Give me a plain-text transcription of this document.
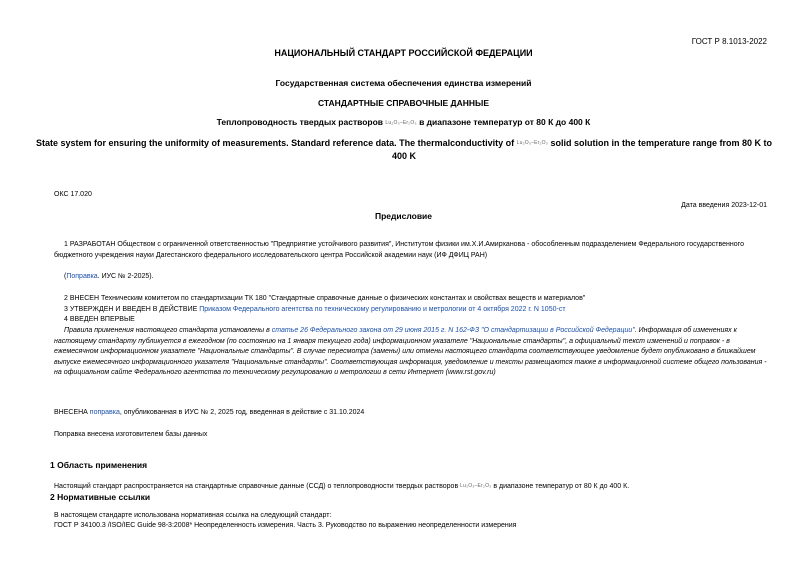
ГОСТ Р 8.1013-2022
НАЦИОНАЛЬНЫЙ СТАНДАРТ РОССИЙСКОЙ ФЕДЕРАЦИИ
Государственная система обеспечения единства измерений
СТАНДАРТНЫЕ СПРАВОЧНЫЕ ДАННЫЕ
Теплопроводность твердых растворов Lu₂O₃–Er₂O₃ в диапазоне температур от 80 К до 400 К
State system for ensuring the uniformity of measurements. Standard reference data. The thermalconductivity of Lu₂O₃–Er₂O₃ solid solution in the temperature range from 80 K to 400 K
ОКС 17.020
Дата введения 2023-12-01
Предисловие
1 РАЗРАБОТАН Обществом с ограниченной ответственностью "Предприятие устойчивого развития", Институтом физики им.Х.И.Амирханова - обособленным подразделением Федерального государственного бюджетного учреждения науки Дагестанского федерального исследовательского центра Российской академии наук (ИФ ДФИЦ РАН)
(Поправка. ИУС № 2-2025).
2 ВНЕСЕН Техническим комитетом по стандартизации ТК 180 "Стандартные справочные данные о физических константах и свойствах веществ и материалов"
3 УТВЕРЖДЕН И ВВЕДЕН В ДЕЙСТВИЕ Приказом Федерального агентства по техническому регулированию и метрологии от 4 октября 2022 г. N 1050-ст
4 ВВЕДЕН ВПЕРВЫЕ
Правила применения настоящего стандарта установлены в статье 26 Федерального закона от 29 июня 2015 г. N 162-ФЗ "О стандартизации в Российской Федерации". Информация об изменениях к настоящему стандарту публикуется в ежегодном (по состоянию на 1 января текущего года) информационном указателе "Национальные стандарты", а официальный текст изменений и поправок - в ежемесячном информационном указателе "Национальные стандарты". В случае пересмотра (замены) или отмены настоящего стандарта соответствующее уведомление будет опубликовано в ближайшем выпуске ежемесячного информационного указателя "Национальные стандарты". Соответствующая информация, уведомление и тексты размещаются также в информационной системе общего пользования - на официальном сайте Федерального агентства по техническому регулированию и метрологии в сети Интернет (www.rst.gov.ru)
ВНЕСЕНА поправка, опубликованная в ИУС № 2, 2025 год, введенная в действие с 31.10.2024
Поправка внесена изготовителем базы данных
1 Область применения
Настоящий стандарт распространяется на стандартные справочные данные (ССД) о теплопроводности твердых растворов Lu₂O₃–Er₂O₃ в диапазоне температур от 80 К до 400 К.
2 Нормативные ссылки
В настоящем стандарте использована нормативная ссылка на следующий стандарт:
ГОСТ Р 34100.3 /ISO/IEC Guide 98-3:2008* Неопределенность измерения. Часть 3. Руководство по выражению неопределенности измерения
